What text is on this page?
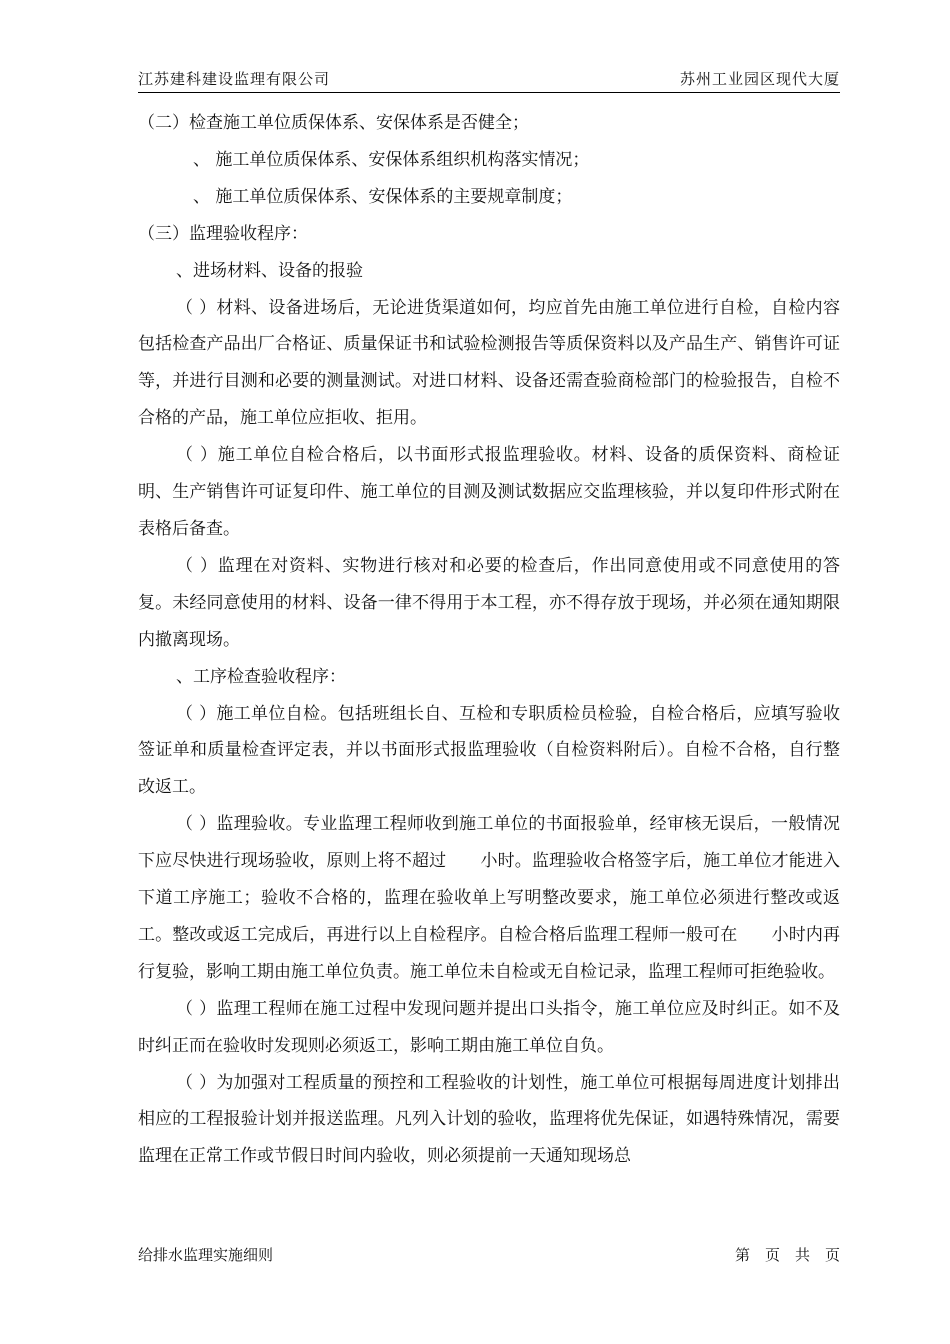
江苏建科建设监理有限公司	苏州工业园区现代大厦

（二）检查施工单位质保体系、安保体系是否健全；

、 施工单位质保体系、安保体系组织机构落实情况；

、 施工单位质保体系、安保体系的主要规章制度；

（三）监理验收程序：

、进场材料、设备的报验

（ ）材料、设备进场后，无论进货渠道如何，均应首先由施工单位进行自检，自检内容包括检查产品出厂合格证、质量保证书和试验检测报告等质保资料以及产品生产、销售许可证等，并进行目测和必要的测量测试。对进口材料、设备还需查验商检部门的检验报告，自检不合格的产品，施工单位应拒收、拒用。

（ ）施工单位自检合格后，以书面形式报监理验收。材料、设备的质保资料、商检证明、生产销售许可证复印件、施工单位的目测及测试数据应交监理核验，并以复印件形式附在　　　表格后备查。

（ ）监理在对资料、实物进行核对和必要的检查后，作出同意使用或不同意使用的答复。未经同意使用的材料、设备一律不得用于本工程，亦不得存放于现场，并必须在通知期限内撤离现场。

、工序检查验收程序：

（ ）施工单位自检。包括班组长自、互检和专职质检员检验，自检合格后，应填写验收签证单和质量检查评定表，并以书面形式报监理验收（自检资料附后）。自检不合格，自行整改返工。

（ ）监理验收。专业监理工程师收到施工单位的书面报验单，经审核无误后，一般情况下应尽快进行现场验收，原则上将不超过　　小时。监理验收合格签字后，施工单位才能进入下道工序施工；验收不合格的，监理在验收单上写明整改要求，施工单位必须进行整改或返工。整改或返工完成后，再进行以上自检程序。自检合格后监理工程师一般可在　　小时内再行复验，影响工期由施工单位负责。施工单位未自检或无自检记录，监理工程师可拒绝验收。

（ ）监理工程师在施工过程中发现问题并提出口头指令，施工单位应及时纠正。如不及时纠正而在验收时发现则必须返工，影响工期由施工单位自负。

（ ）为加强对工程质量的预控和工程验收的计划性，施工单位可根据每周进度计划排出相应的工程报验计划并报送监理。凡列入计划的验收，监理将优先保证，如遇特殊情况，需要监理在正常工作或节假日时间内验收，则必须提前一天通知现场总

给排水监理实施细则	第　页　共　页
